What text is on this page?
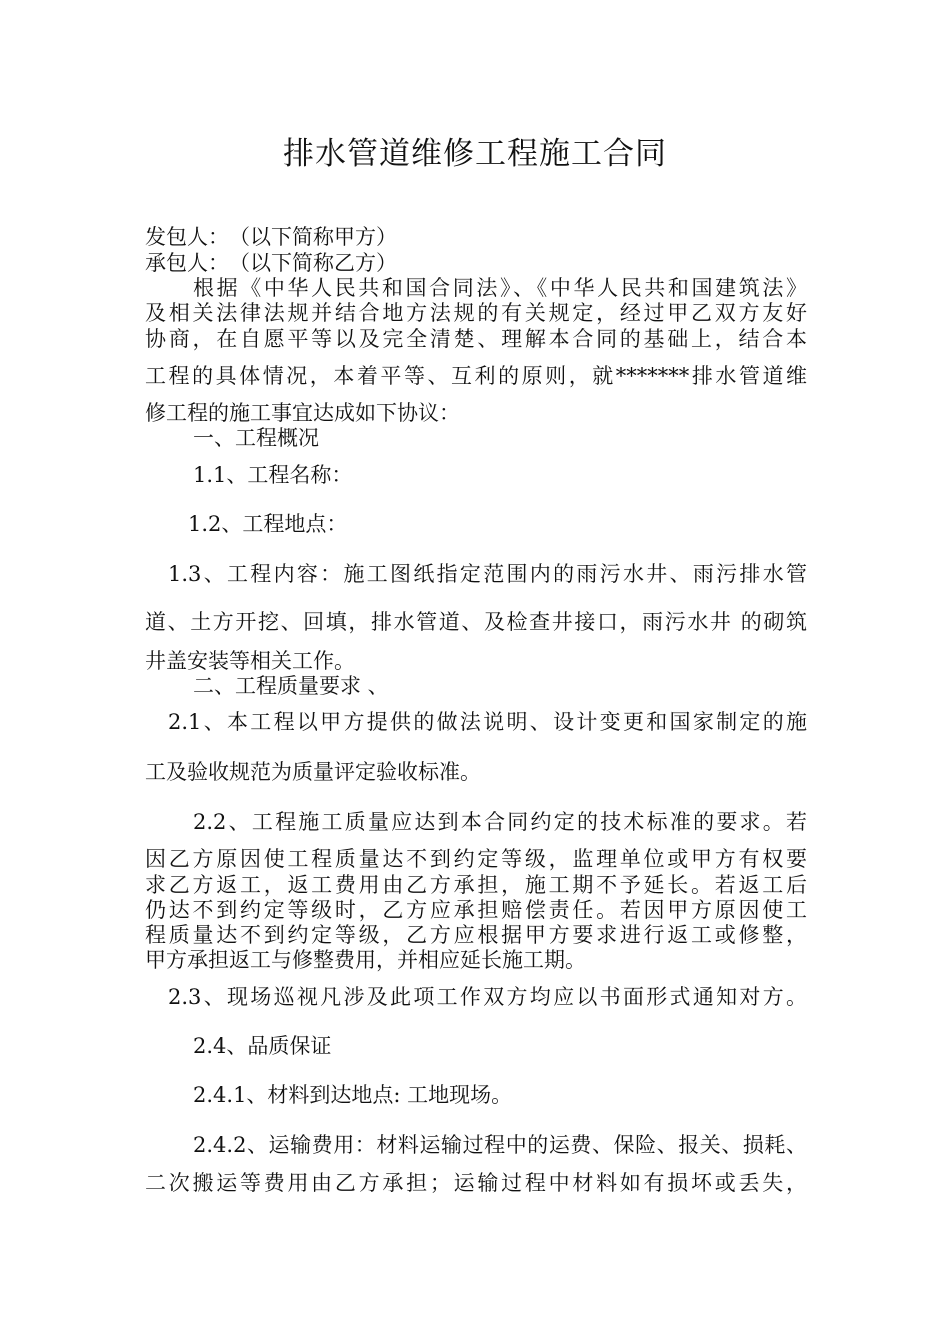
排水管道维修工程施工合同
发包人：　（以下简称甲方）
承包人：　（以下简称乙方）
根据《中华人民共和国合同法》、《中华人民共和国建筑法》
及相关法律法规并结合地方法规的有关规定，经过甲乙双方友好
协商，在自愿平等以及完全清楚、理解本合同的基础上，结合本
工程的具体情况，本着平等、互利的原则，就*******排水管道维
修工程的施工事宜达成如下协议：
一、工程概况
1.1、工程名称：
1.2、工程地点：
1.3、工程内容：施工图纸指定范围内的雨污水井、雨污排水管
道、土方开挖、回填，排水管道、及检查井接口，雨污水井 的砌筑
井盖安装等相关工作。
二、工程质量要求 、
2.1、本工程以甲方提供的做法说明、设计变更和国家制定的施
工及验收规范为质量评定验收标准。
2.2、工程施工质量应达到本合同约定的技术标准的要求。若
因乙方原因使工程质量达不到约定等级，监理单位或甲方有权要
求乙方返工，返工费用由乙方承担，施工期不予延长。若返工后
仍达不到约定等级时，乙方应承担赔偿责任。若因甲方原因使工
程质量达不到约定等级，乙方应根据甲方要求进行返工或修整，
甲方承担返工与修整费用，并相应延长施工期。
2.3、现场巡视凡涉及此项工作双方均应以书面形式通知对方。
2.4、品质保证
2.4.1、材料到达地点: 工地现场。
2.4.2、运输费用：材料运输过程中的运费、保险、报关、损耗、
二次搬运等费用由乙方承担；运输过程中材料如有损坏或丢失，
